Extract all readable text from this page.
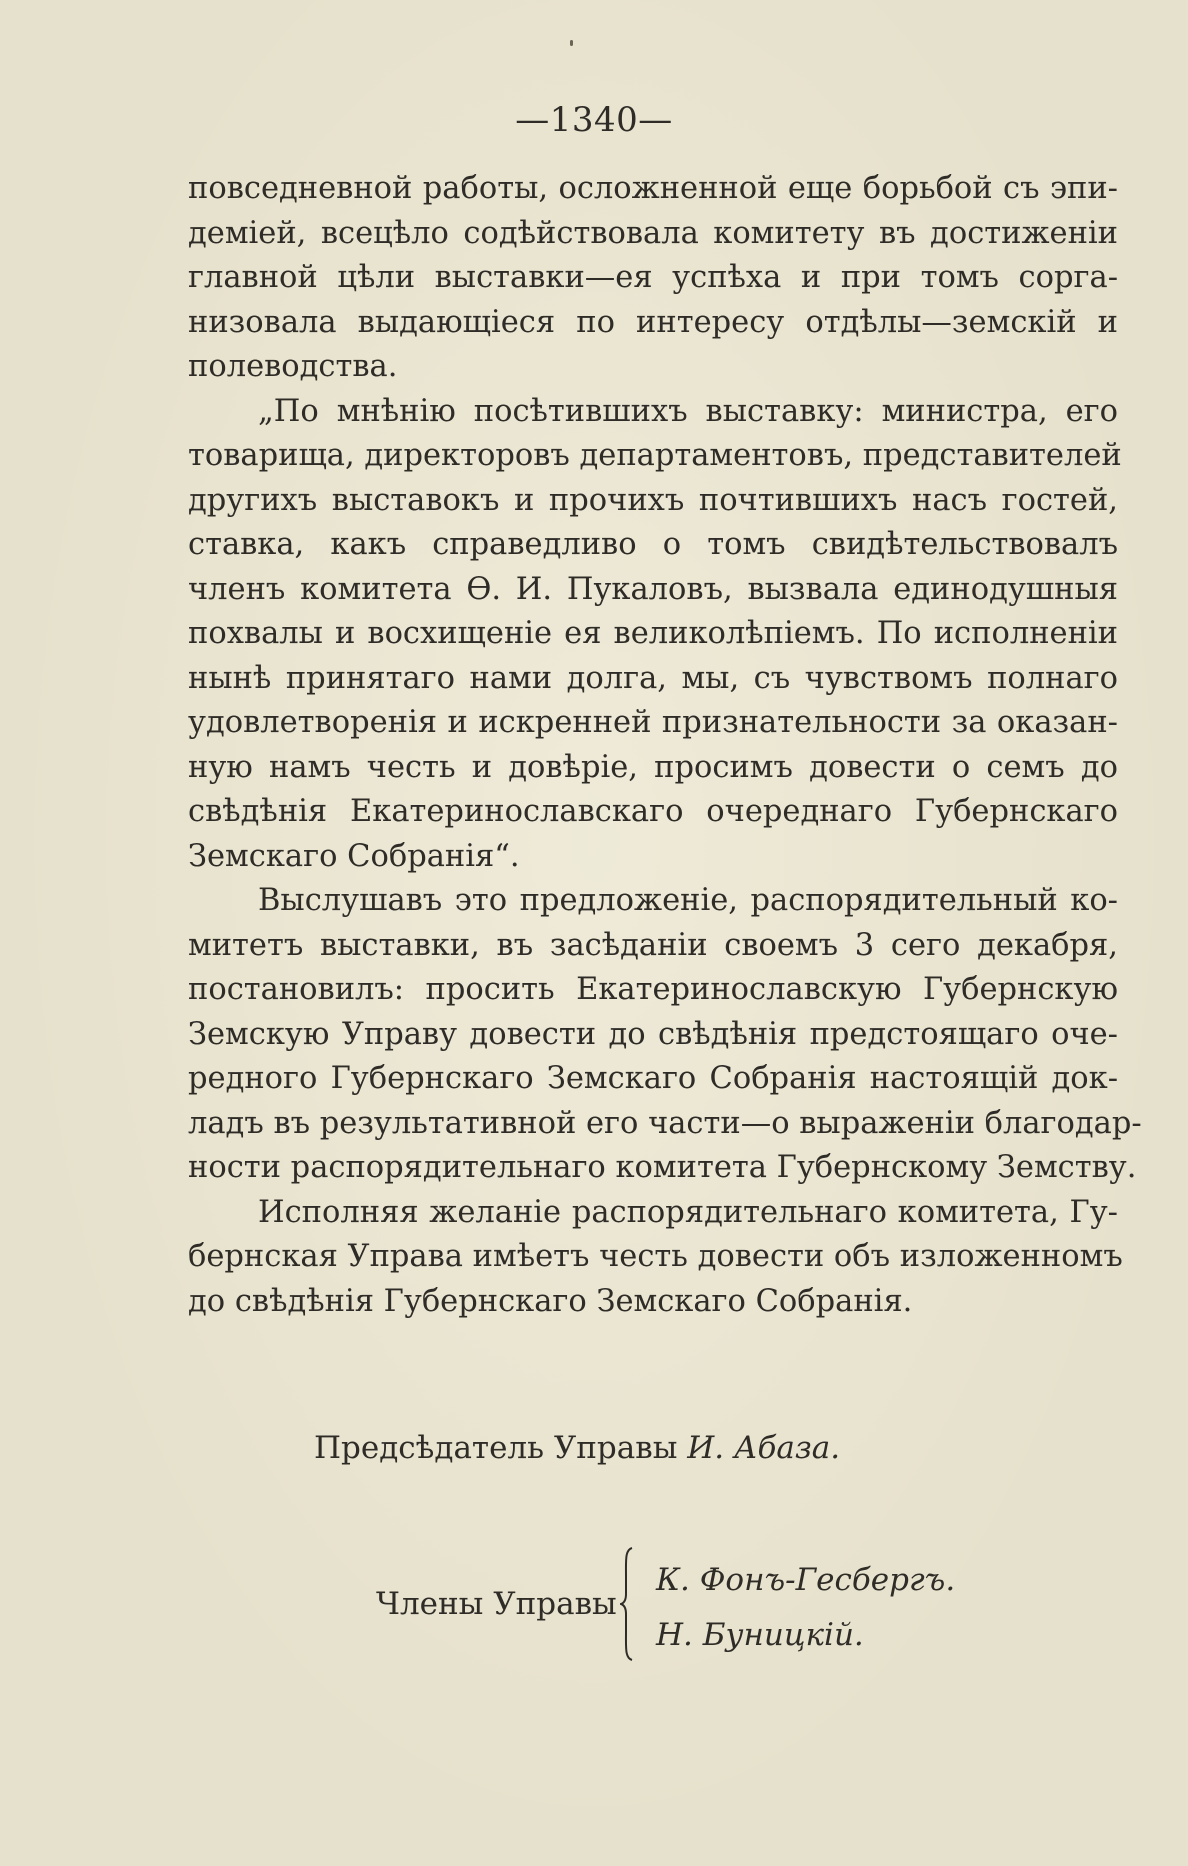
—1340—
повседневной работы, осложненной еще борьбой съ эпи-
деміей, всецѣло содѣйствовала комитету въ достиженіи
главной цѣли выставки—ея успѣха и при томъ сорга-
низовала выдающіеся по интересу отдѣлы—земскій и
полеводства.
„По мнѣнію посѣтившихъ выставку: министра, его
товарища, директоровъ департаментовъ, представителей
другихъ выставокъ и прочихъ почтившихъ насъ гостей,
ставка, какъ справедливо о томъ свидѣтельствовалъ
членъ комитета Ө. И. Пукаловъ, вызвала единодушныя
похвалы и восхищеніе ея великолѣпіемъ. По исполненіи
нынѣ принятаго нами долга, мы, съ чувствомъ полнаго
удовлетворенія и искренней признательности за оказан-
ную намъ честь и довѣріе, просимъ довести о семъ до
свѣдѣнія Екатеринославскаго очереднаго Губернскаго
Земскаго Собранія“.
Выслушавъ это предложеніе, распорядительный ко-
митетъ выставки, въ засѣданіи своемъ 3 сего декабря,
постановилъ: просить Екатеринославскую Губернскую
Земскую Управу довести до свѣдѣнія предстоящаго оче-
редного Губернскаго Земскаго Собранія настоящій док-
ладъ въ результативной его части—о выраженіи благодар-
ности распорядительнаго комитета Губернскому Земству.
Исполняя желаніе распорядительнаго комитета, Гу-
бернская Управа имѣетъ честь довести объ изложенномъ
до свѣдѣнія Губернскаго Земскаго Собранія.
Предсѣдатель Управы И. Абаза.
Члены Управы
К. Фонъ-Гесбергъ.
Н. Буницкій.
